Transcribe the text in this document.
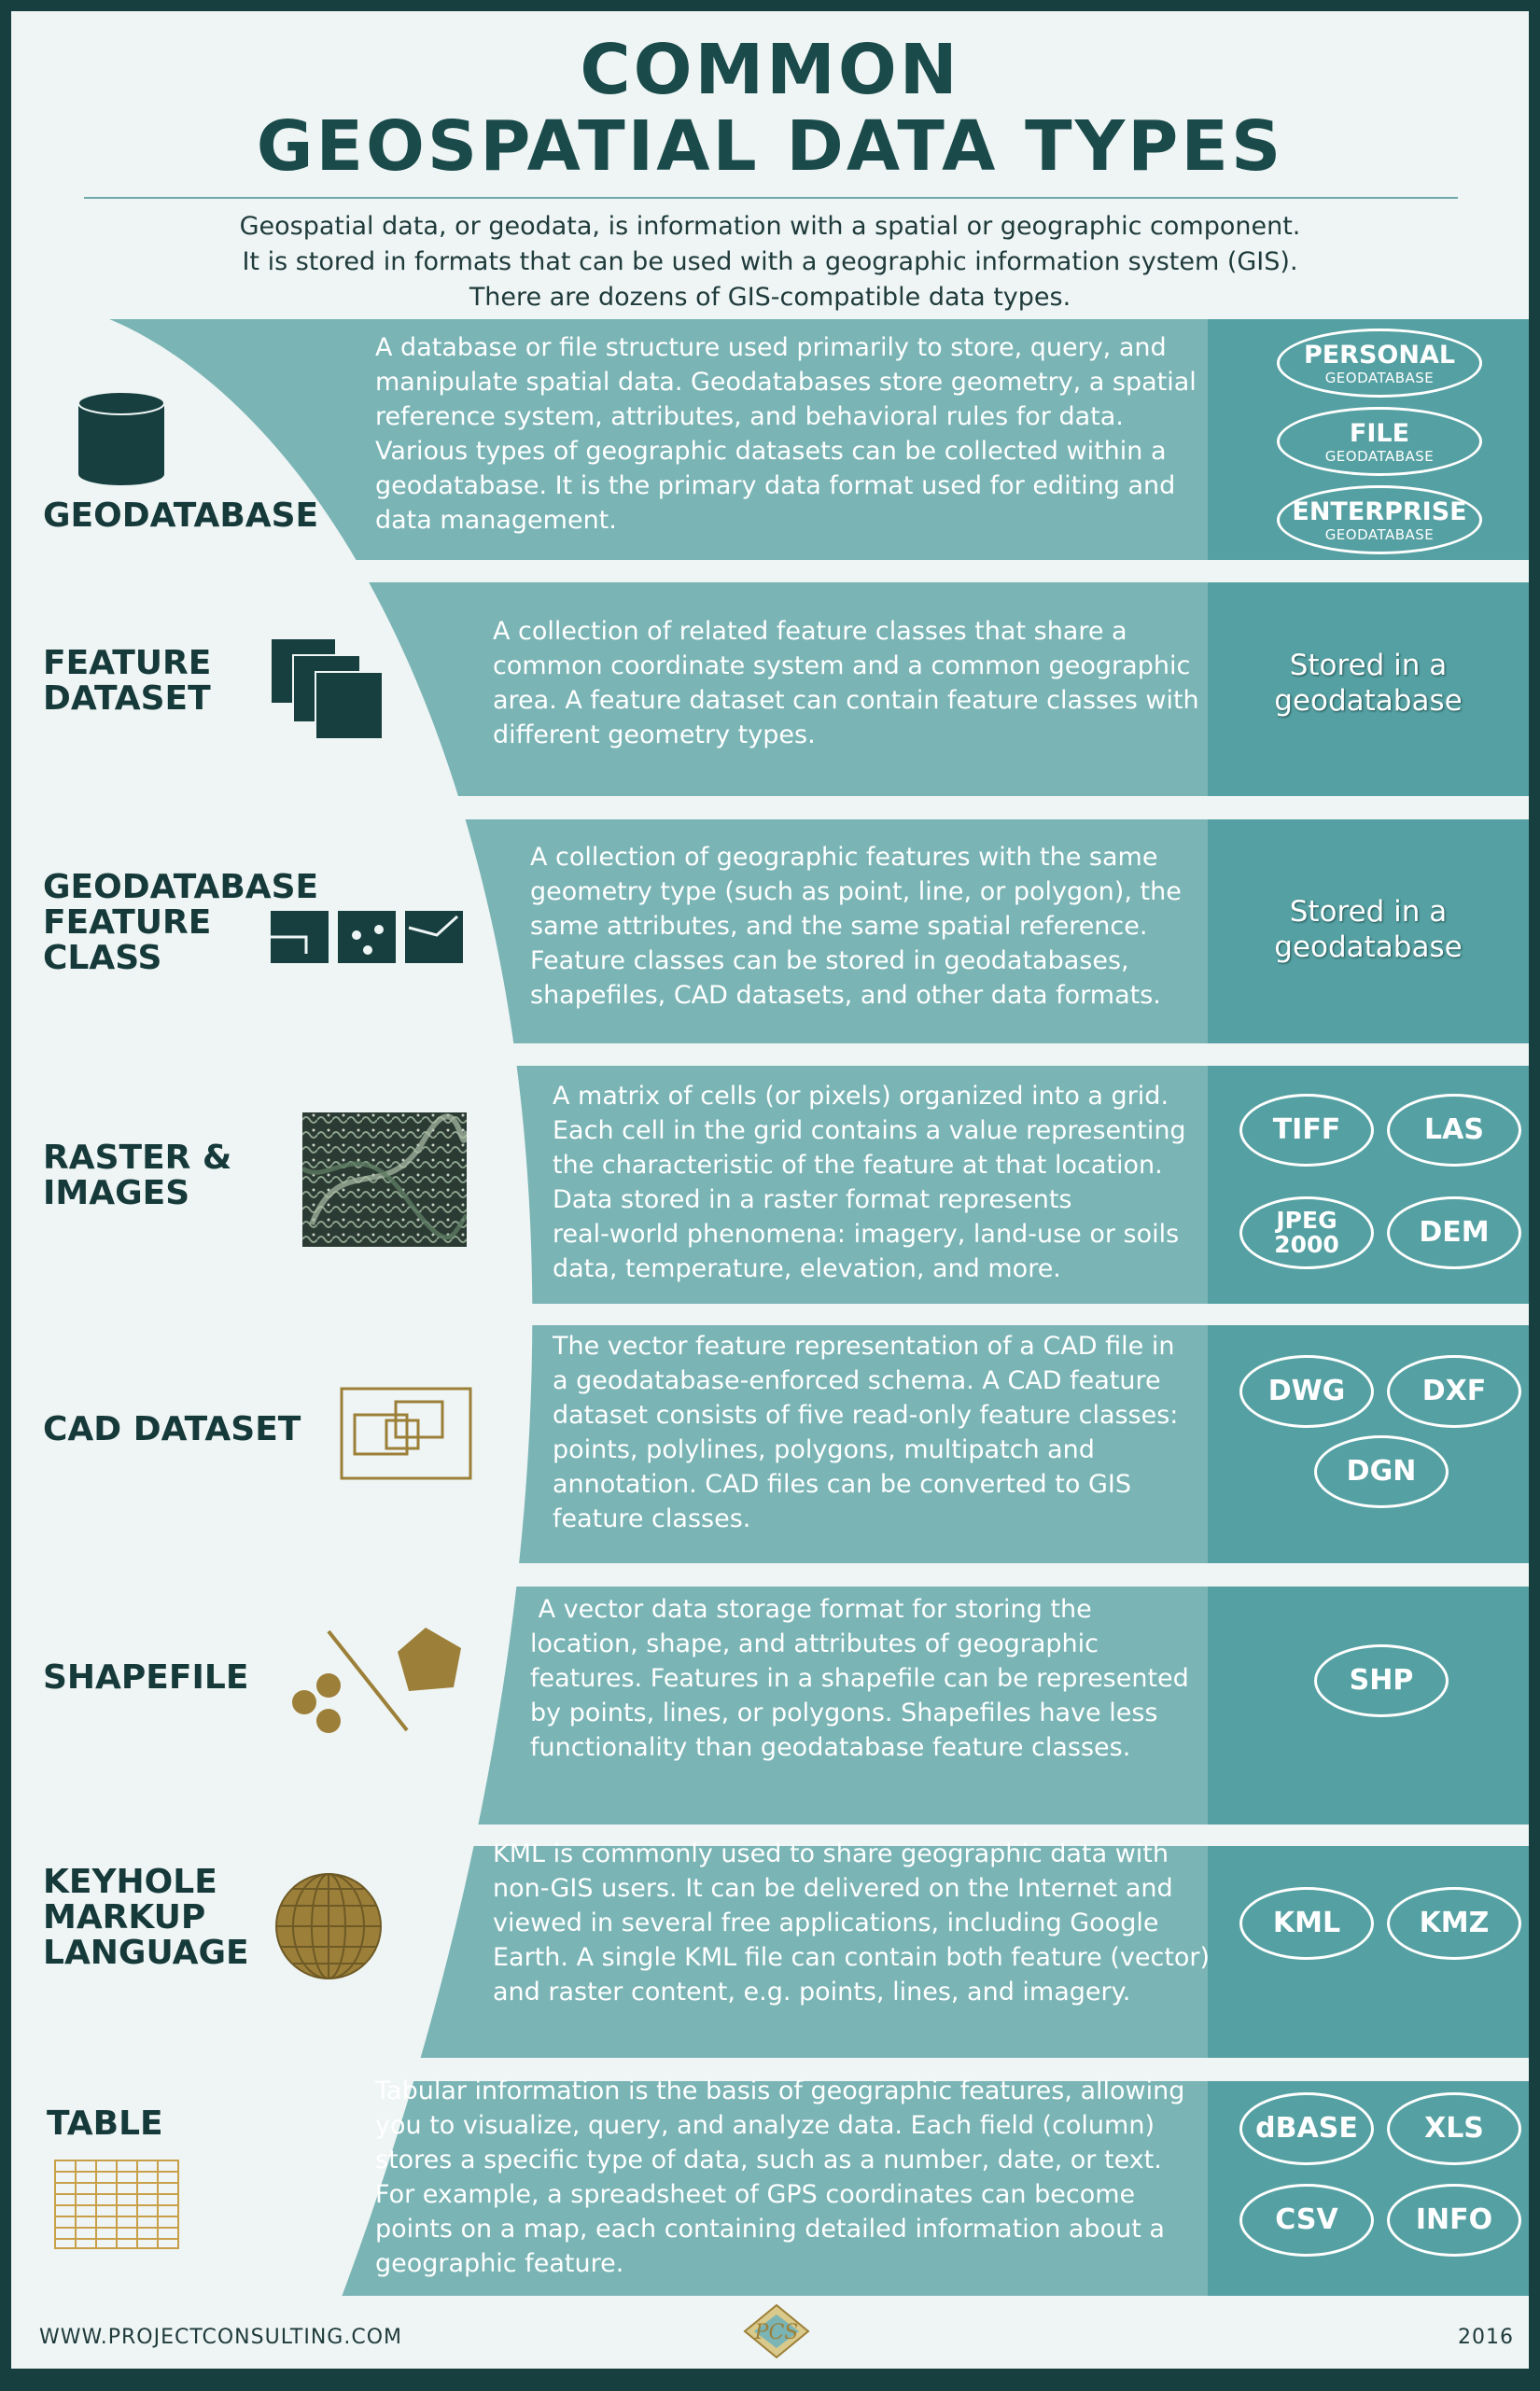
COMMON
GEOSPATIAL DATA TYPES
Geospatial data, or geodata, is information with a spatial or geographic component.
It is stored in formats that can be used with a geographic information system (GIS).
There are dozens of GIS-compatible data types.
GEODATABASE
FEATURE
DATASET
GEODATABASE
FEATURE
CLASS
RASTER &
IMAGES
CAD DATASET
SHAPEFILE
KEYHOLE
MARKUP
LANGUAGE
TABLE
A database or file structure used primarily to store, query, and
manipulate spatial data. Geodatabases store geometry, a spatial
reference system, attributes, and behavioral rules for data.
Various types of geographic datasets can be collected within a
geodatabase. It is the primary data format used for editing and
data management.
A collection of related feature classes that share a
common coordinate system and a common geographic
area. A feature dataset can contain feature classes with
different geometry types.
A collection of geographic features with the same
geometry type (such as point, line, or polygon), the
same attributes, and the same spatial reference.
Feature classes can be stored in geodatabases,
shapefiles, CAD datasets, and other data formats.
A matrix of cells (or pixels) organized into a grid.
Each cell in the grid contains a value representing
the characteristic of the feature at that location.
Data stored in a raster format represents
real-world phenomena: imagery, land-use or soils
data, temperature, elevation, and more.
The vector feature representation of a CAD file in
a geodatabase-enforced schema. A CAD feature
dataset consists of five read-only feature classes:
points, polylines, polygons, multipatch and
annotation. CAD files can be converted to GIS
feature classes.
A vector data storage format for storing the
location, shape, and attributes of geographic
features. Features in a shapefile can be represented
by points, lines, or polygons. Shapefiles have less
functionality than geodatabase feature classes.
KML is commonly used to share geographic data with
non-GIS users. It can be delivered on the Internet and
viewed in several free applications, including Google
Earth. A single KML file can contain both feature (vector)
and raster content, e.g. points, lines, and imagery.
Tabular information is the basis of geographic features, allowing
you to visualize, query, and analyze data. Each field (column)
stores a specific type of data, such as a number, date, or text.
For example, a spreadsheet of GPS coordinates can become
points on a map, each containing detailed information about a
geographic feature.
PERSONAL
GEODATABASE
FILE
GEODATABASE
ENTERPRISE
GEODATABASE
Stored in a
geodatabase
Stored in a
geodatabase
TIFF	LAS
JPEG
2000	DEM
DWG	DXF
DGN
SHP
KML	KMZ
dBASE XLS
CSV	INFO
WWW.PROJECTCONSULTING.COM	PCS	2016
